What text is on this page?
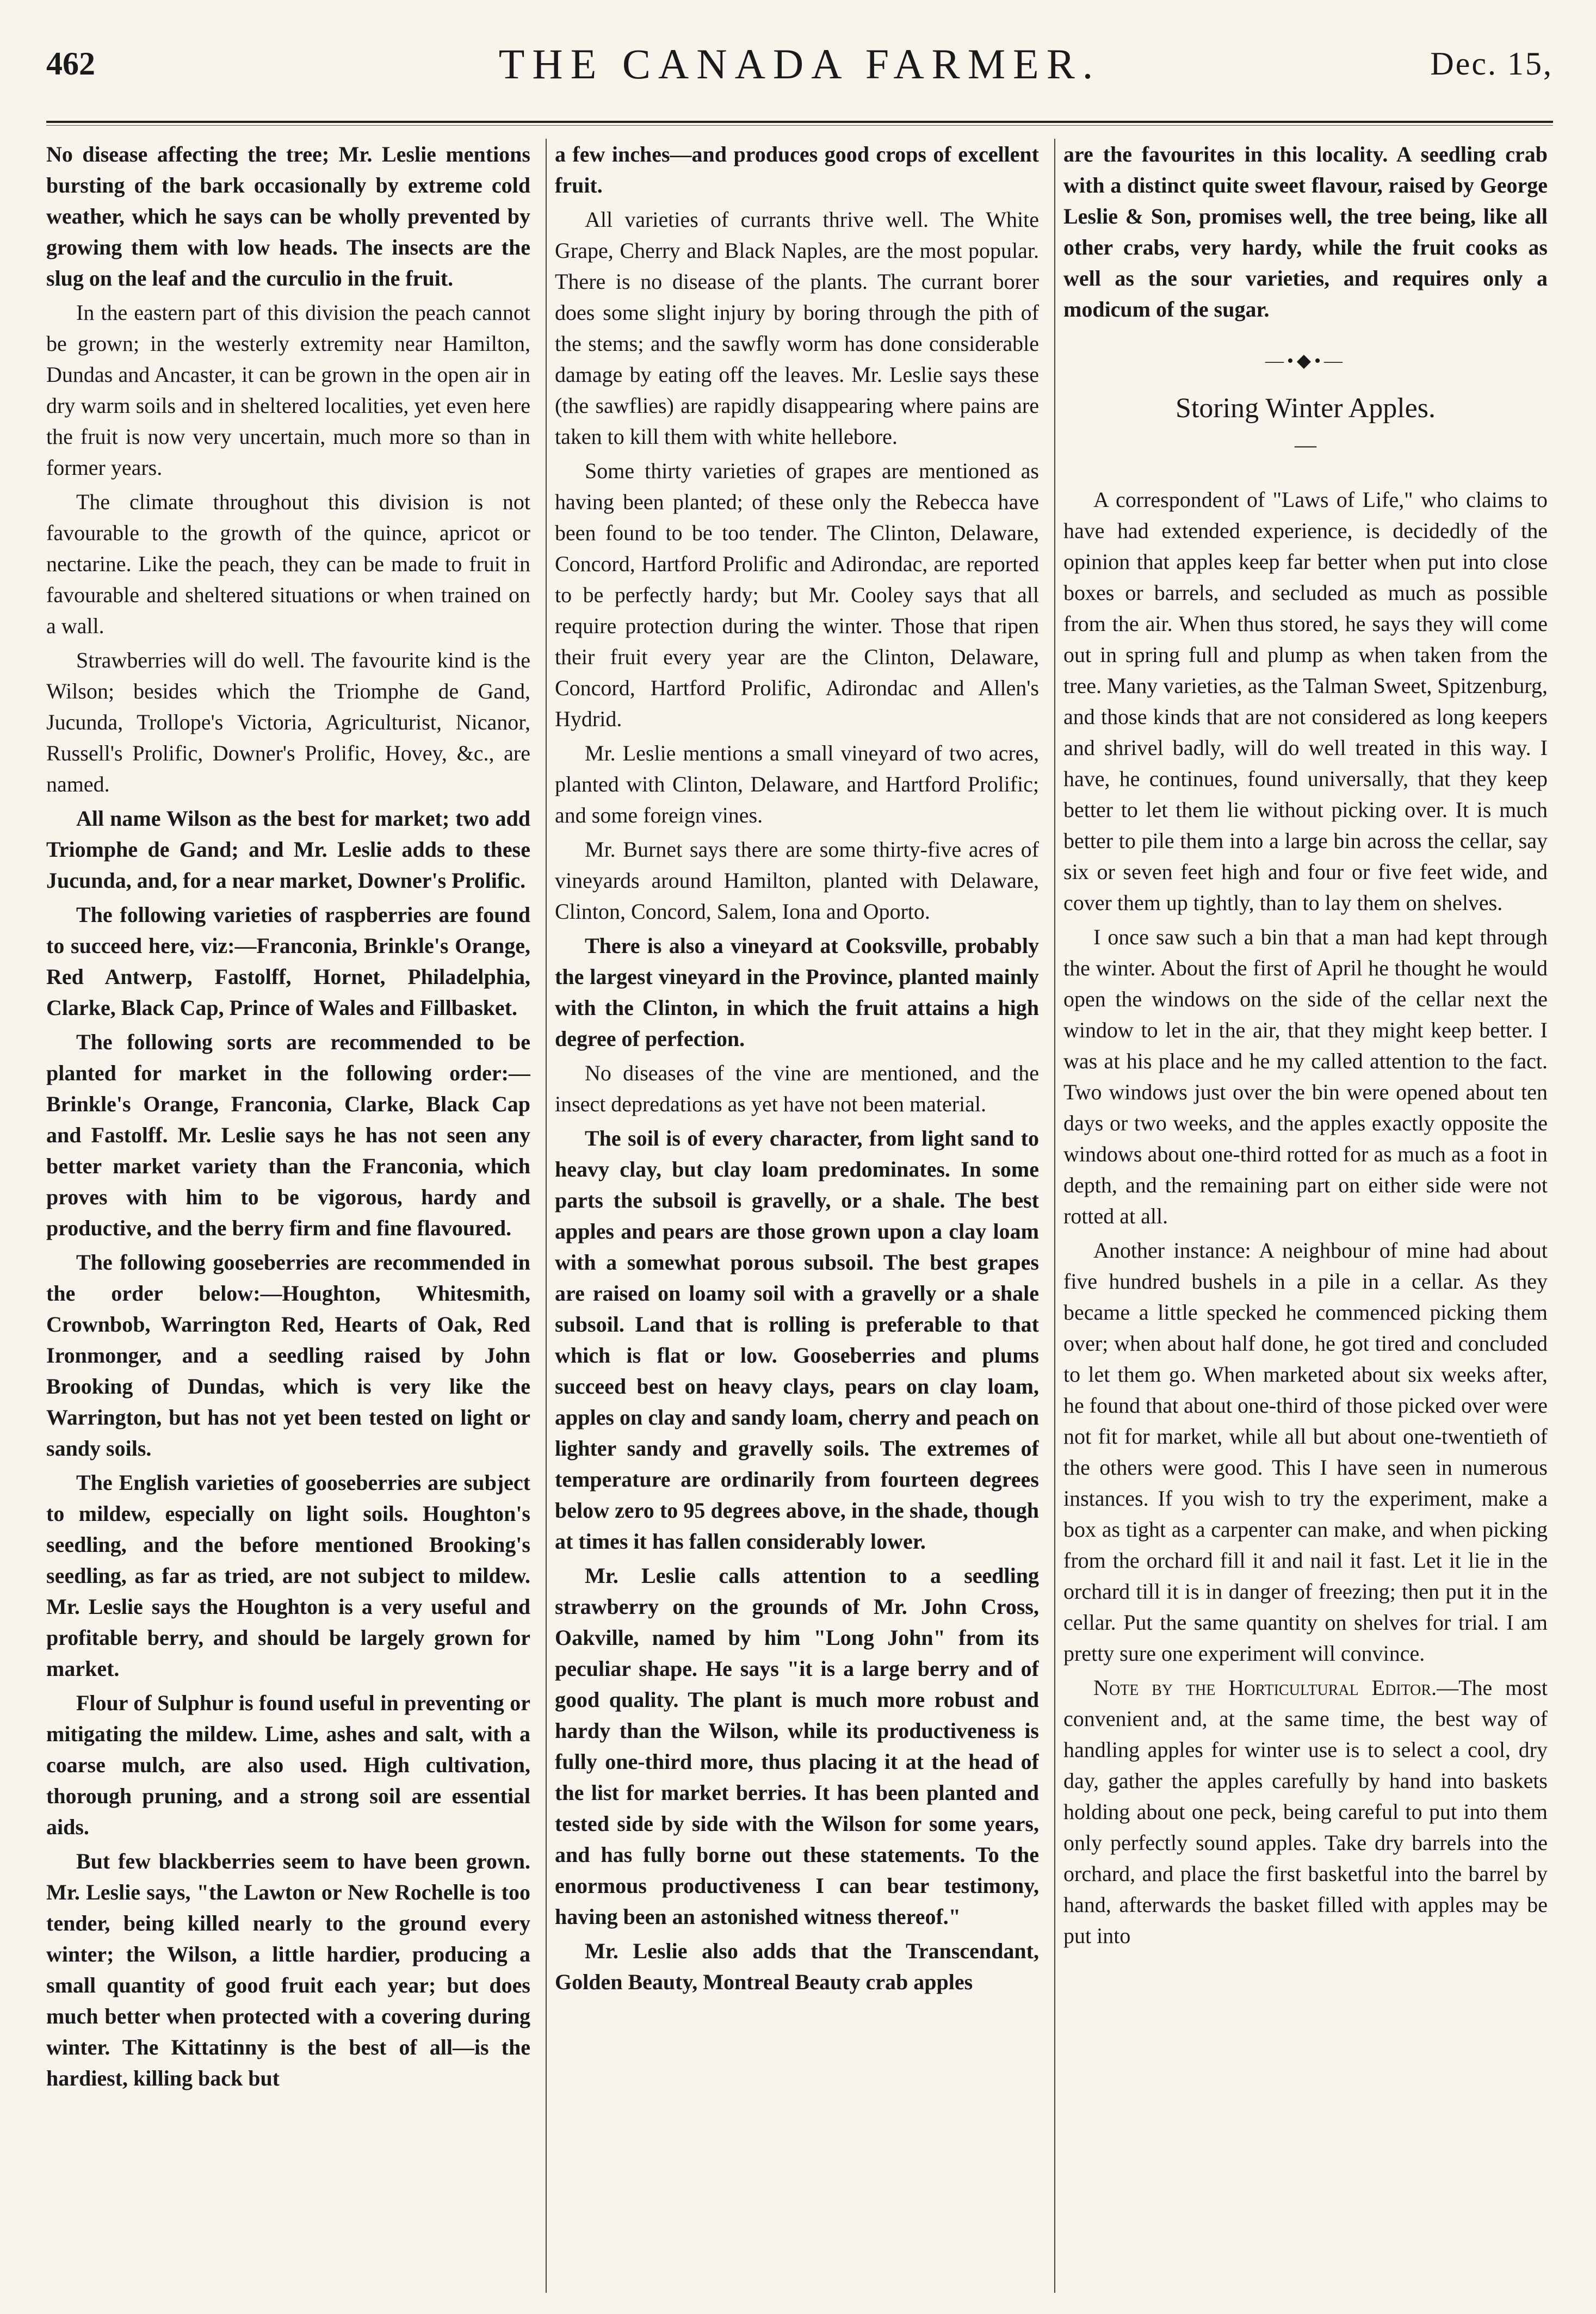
462	THE CANADA FARMER.	Dec. 15,

No disease affecting the tree; Mr. Leslie mentions bursting of the bark occasionally by extreme cold weather, which he says can be wholly prevented by growing them with low heads. The insects are the slug on the leaf and the curculio in the fruit.

In the eastern part of this division the peach cannot be grown; in the westerly extremity near Hamilton, Dundas and Ancaster, it can be grown in the open air in dry warm soils and in sheltered localities, yet even here the fruit is now very uncertain, much more so than in former years.

The climate throughout this division is not favourable to the growth of the quince, apricot or nectarine. Like the peach, they can be made to fruit in favourable and sheltered situations or when trained on a wall.

Strawberries will do well. The favourite kind is the Wilson; besides which the Triomphe de Gand, Jucunda, Trollope's Victoria, Agriculturist, Nicanor, Russell's Prolific, Downer's Prolific, Hovey, &c., are named.

All name Wilson as the best for market; two add Triomphe de Gand; and Mr. Leslie adds to these Jucunda, and, for a near market, Downer's Prolific.

The following varieties of raspberries are found to succeed here, viz:—Franconia, Brinkle's Orange, Red Antwerp, Fastolff, Hornet, Philadelphia, Clarke, Black Cap, Prince of Wales and Fillbasket.

The following sorts are recommended to be planted for market in the following order:—Brinkle's Orange, Franconia, Clarke, Black Cap and Fastolff. Mr. Leslie says he has not seen any better market variety than the Franconia, which proves with him to be vigorous, hardy and productive, and the berry firm and fine flavoured.

The following gooseberries are recommended in the order below:—Houghton, Whitesmith, Crownbob, Warrington Red, Hearts of Oak, Red Ironmonger, and a seedling raised by John Brooking of Dundas, which is very like the Warrington, but has not yet been tested on light or sandy soils.

The English varieties of gooseberries are subject to mildew, especially on light soils. Houghton's seedling, and the before mentioned Brooking's seedling, as far as tried, are not subject to mildew. Mr. Leslie says the Houghton is a very useful and profitable berry, and should be largely grown for market.

Flour of Sulphur is found useful in preventing or mitigating the mildew. Lime, ashes and salt, with a coarse mulch, are also used. High cultivation, thorough pruning, and a strong soil are essential aids.

But few blackberries seem to have been grown. Mr. Leslie says, "the Lawton or New Rochelle is too tender, being killed nearly to the ground every winter; the Wilson, a little hardier, producing a small quantity of good fruit each year; but does much better when protected with a covering during winter. The Kittatinny is the best of all—is the hardiest, killing back but

a few inches—and produces good crops of excellent fruit.

All varieties of currants thrive well. The White Grape, Cherry and Black Naples, are the most popular. There is no disease of the plants. The currant borer does some slight injury by boring through the pith of the stems; and the sawfly worm has done considerable damage by eating off the leaves. Mr. Leslie says these (the sawflies) are rapidly disappearing where pains are taken to kill them with white hellebore.

Some thirty varieties of grapes are mentioned as having been planted; of these only the Rebecca have been found to be too tender. The Clinton, Delaware, Concord, Hartford Prolific and Adirondac, are reported to be perfectly hardy; but Mr. Cooley says that all require protection during the winter. Those that ripen their fruit every year are the Clinton, Delaware, Concord, Hartford Prolific, Adirondac and Allen's Hydrid.

Mr. Leslie mentions a small vineyard of two acres, planted with Clinton, Delaware, and Hartford Prolific; and some foreign vines.

Mr. Burnet says there are some thirty-five acres of vineyards around Hamilton, planted with Delaware, Clinton, Concord, Salem, Iona and Oporto.

There is also a vineyard at Cooksville, probably the largest vineyard in the Province, planted mainly with the Clinton, in which the fruit attains a high degree of perfection.

No diseases of the vine are mentioned, and the insect depredations as yet have not been material.

The soil is of every character, from light sand to heavy clay, but clay loam predominates. In some parts the subsoil is gravelly, or a shale. The best apples and pears are those grown upon a clay loam with a somewhat porous subsoil. The best grapes are raised on loamy soil with a gravelly or a shale subsoil. Land that is rolling is preferable to that which is flat or low. Gooseberries and plums succeed best on heavy clays, pears on clay loam, apples on clay and sandy loam, cherry and peach on lighter sandy and gravelly soils. The extremes of temperature are ordinarily from fourteen degrees below zero to 95 degrees above, in the shade, though at times it has fallen considerably lower.

Mr. Leslie calls attention to a seedling strawberry on the grounds of Mr. John Cross, Oakville, named by him "Long John" from its peculiar shape. He says "it is a large berry and of good quality. The plant is much more robust and hardy than the Wilson, while its productiveness is fully one-third more, thus placing it at the head of the list for market berries. It has been planted and tested side by side with the Wilson for some years, and has fully borne out these statements. To the enormous productiveness I can bear testimony, having been an astonished witness thereof."

Mr. Leslie also adds that the Transcendant, Golden Beauty, Montreal Beauty crab apples

are the favourites in this locality. A seedling crab with a distinct quite sweet flavour, raised by George Leslie & Son, promises well, the tree being, like all other crabs, very hardy, while the fruit cooks as well as the sour varieties, and requires only a modicum of the sugar.

—•◆•—
Storing Winter Apples.
—

A correspondent of "Laws of Life," who claims to have had extended experience, is decidedly of the opinion that apples keep far better when put into close boxes or barrels, and secluded as much as possible from the air. When thus stored, he says they will come out in spring full and plump as when taken from the tree. Many varieties, as the Talman Sweet, Spitzenburg, and those kinds that are not considered as long keepers and shrivel badly, will do well treated in this way. I have, he continues, found universally, that they keep better to let them lie without picking over. It is much better to pile them into a large bin across the cellar, say six or seven feet high and four or five feet wide, and cover them up tightly, than to lay them on shelves.

I once saw such a bin that a man had kept through the winter. About the first of April he thought he would open the windows on the side of the cellar next the window to let in the air, that they might keep better. I was at his place and he my called attention to the fact. Two windows just over the bin were opened about ten days or two weeks, and the apples exactly opposite the windows about one-third rotted for as much as a foot in depth, and the remaining part on either side were not rotted at all.

Another instance: A neighbour of mine had about five hundred bushels in a pile in a cellar. As they became a little specked he commenced picking them over; when about half done, he got tired and concluded to let them go. When marketed about six weeks after, he found that about one-third of those picked over were not fit for market, while all but about one-twentieth of the others were good. This I have seen in numerous instances. If you wish to try the experiment, make a box as tight as a carpenter can make, and when picking from the orchard fill it and nail it fast. Let it lie in the orchard till it is in danger of freezing; then put it in the cellar. Put the same quantity on shelves for trial. I am pretty sure one experiment will convince.

Note by the Horticultural Editor.—The most convenient and, at the same time, the best way of handling apples for winter use is to select a cool, dry day, gather the apples carefully by hand into baskets holding about one peck, being careful to put into them only perfectly sound apples. Take dry barrels into the orchard, and place the first basketful into the barrel by hand, afterwards the basket filled with apples may be put into
